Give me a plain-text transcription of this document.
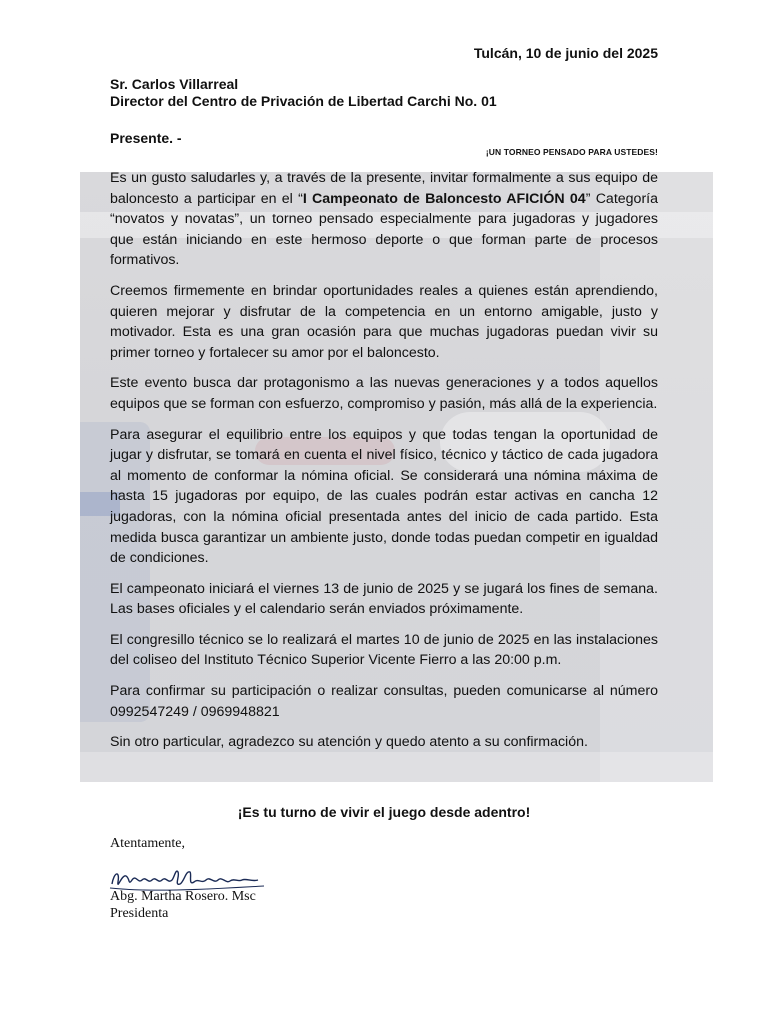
Tulcán, 10 de junio del 2025
Sr. Carlos Villarreal
Director del Centro de Privación de Libertad Carchi No. 01
Presente. -
¡UN TORNEO PENSADO PARA USTEDES!

Es un gusto saludarles y, a través de la presente, invitar formalmente a sus equipo de baloncesto a participar en el “I Campeonato de Baloncesto AFICIÓN 04” Categoría “novatos y novatas”, un torneo pensado especialmente para jugadoras y jugadores que están iniciando en este hermoso deporte o que forman parte de procesos formativos.

Creemos firmemente en brindar oportunidades reales a quienes están aprendiendo, quieren mejorar y disfrutar de la competencia en un entorno amigable, justo y motivador. Esta es una gran ocasión para que muchas jugadoras puedan vivir su primer torneo y fortalecer su amor por el baloncesto.

Este evento busca dar protagonismo a las nuevas generaciones y a todos aquellos equipos que se forman con esfuerzo, compromiso y pasión, más allá de la experiencia.

Para asegurar el equilibrio entre los equipos y que todas tengan la oportunidad de jugar y disfrutar, se tomará en cuenta el nivel físico, técnico y táctico de cada jugadora al momento de conformar la nómina oficial. Se considerará una nómina máxima de hasta 15 jugadoras por equipo, de las cuales podrán estar activas en cancha 12 jugadoras, con la nómina oficial presentada antes del inicio de cada partido. Esta medida busca garantizar un ambiente justo, donde todas puedan competir en igualdad de condiciones.

El campeonato iniciará el viernes 13 de junio de 2025 y se jugará los fines de semana. Las bases oficiales y el calendario serán enviados próximamente.

El congresillo técnico se lo realizará el martes 10 de junio de 2025 en las instalaciones del coliseo del Instituto Técnico Superior Vicente Fierro a las 20:00 p.m.

Para confirmar su participación o realizar consultas, pueden comunicarse al número 0992547249 / 0969948821

Sin otro particular, agradezco su atención y quedo atento a su confirmación.

¡Es tu turno de vivir el juego desde adentro!
Atentamente,
Abg. Martha Rosero. Msc
Presidenta
